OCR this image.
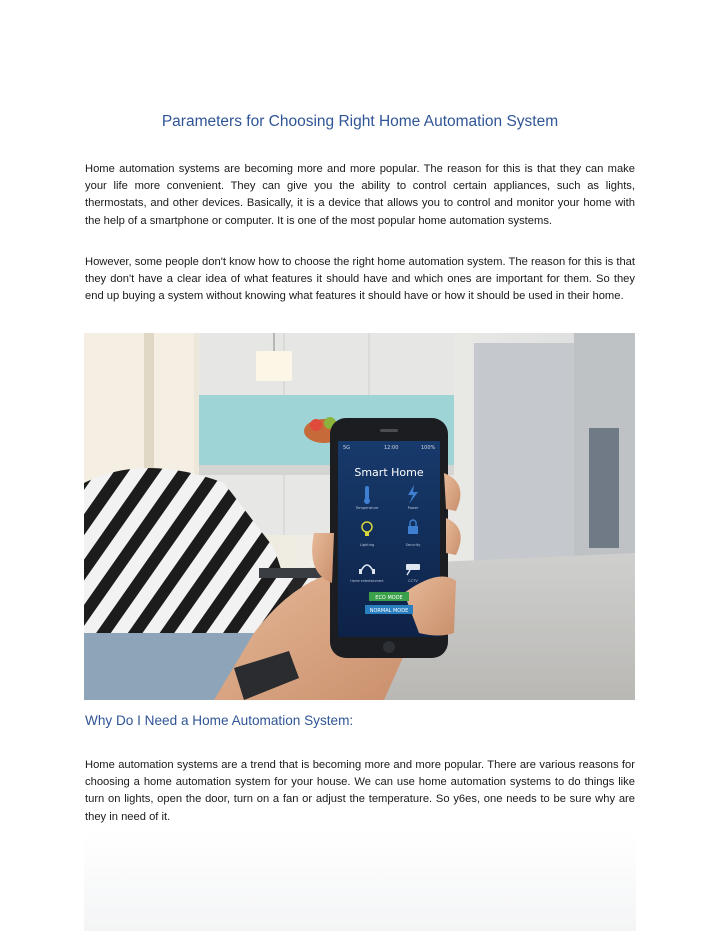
Parameters for Choosing Right Home Automation System

Home automation systems are becoming more and more popular. The reason for this is that they can make your life more convenient. They can give you the ability to control certain appliances, such as lights, thermostats, and other devices. Basically, it is a device that allows you to control and monitor your home with the help of a smartphone or computer. It is one of the most popular home automation systems.

However, some people don't know how to choose the right home automation system. The reason for this is that they don't have a clear idea of what features it should have and which ones are important for them. So they end up buying a system without knowing what features it should have or how it should be used in their home.

5G	12:00	100%
Smart Home
Temperature	Power
Lighting	Security
Home entertainment	CCTV
ECO MODE
NORMAL MODE
Why Do I Need a Home Automation System:

Home automation systems are a trend that is becoming more and more popular. There are various reasons for choosing a home automation system for your house. We can use home automation systems to do things like turn on lights, open the door, turn on a fan or adjust the temperature. So y6es, one needs to be sure why are they in need of it.
